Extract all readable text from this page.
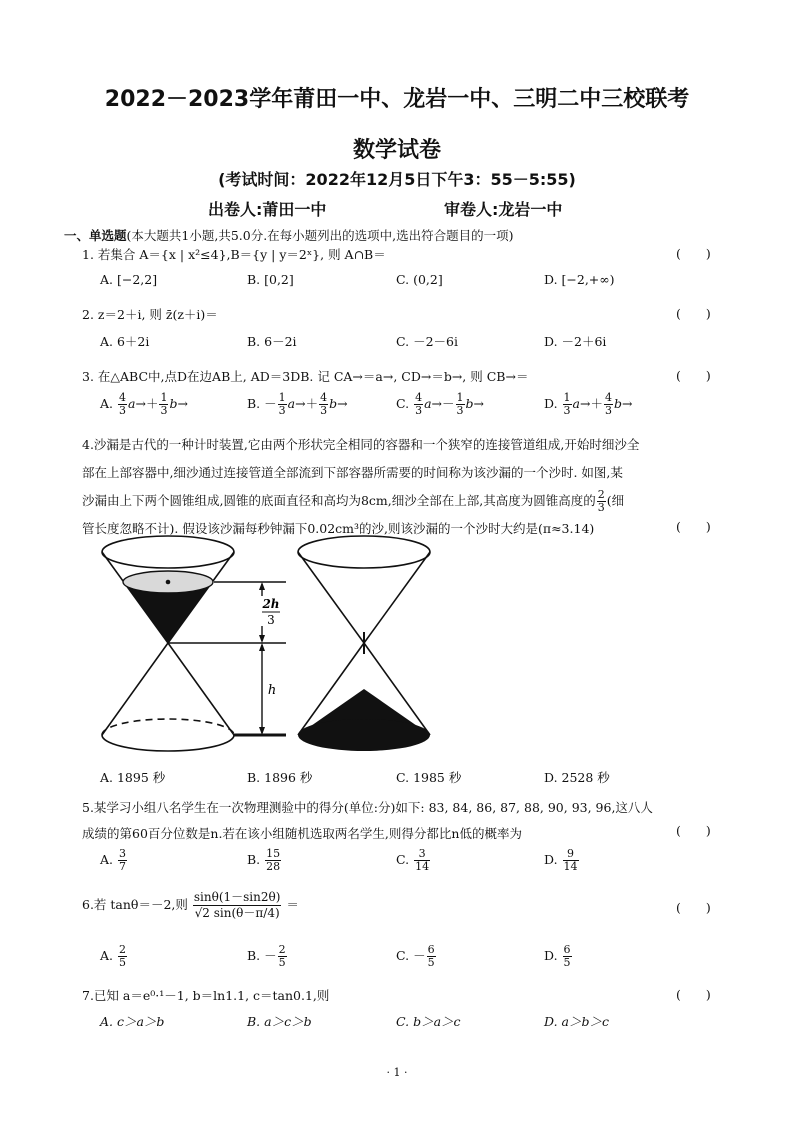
2022－2023学年莆田一中、龙岩一中、三明二中三校联考
数学试卷
(考试时间：2022年12月5日下午3：55－5:55)
出卷人:莆田一中	审卷人:龙岩一中
一、单选题(本大题共1小题,共5.0分.在每小题列出的选项中,选出符合题目的一项)
1. 若集合 A＝{x | x²≤4},B＝{y | y＝2ˣ}, 则 A∩B＝	(　　)
A. [−2,2]	B. [0,2]	C. (0,2]	D. [−2,+∞)
2. z＝2＋i, 则 z̄(z＋i)＝	(　　)
A. 6＋2i	B. 6－2i	C. －2－6i	D. －2＋6i
3. 在△ABC中,点D在边AB上, AD＝3DB. 记 CA→＝a→, CD→＝b→, 则 CB→＝	(　　)
A. $\frac{4}{3} a\to+ \frac{1}{3} b\to$	B. － $\frac{1}{3} a\to+ \frac{4}{3} b\to$	C. $\frac{4}{3} a\to- \frac{1}{3} b\to$	D. $\frac{1}{3} a\to+ \frac{4}{3} b\to$
4.沙漏是古代的一种计时装置,它由两个形状完全相同的容器和一个狭窄的连接管道组成,开始时细沙全
部在上部容器中,细沙通过连接管道全部流到下部容器所需要的时间称为该沙漏的一个沙时. 如图,某
沙漏由上下两个圆锥组成,圆锥的底面直径和高均为8cm,细沙全部在上部,其高度为圆锥高度的 $\frac{2}{3}$ (细
管长度忽略不计). 假设该沙漏每秒钟漏下0.02cm³的沙,则该沙漏的一个沙时大约是(π≈3.14)	(　　)
2h
3
h
A. 1895 秒	B. 1896 秒	C. 1985 秒	D. 2528 秒
5.某学习小组八名学生在一次物理测验中的得分(单位:分)如下: 83, 84, 86, 87, 88, 90, 93, 96,这八人
成绩的第60百分位数是n.若在该小组随机选取两名学生,则得分都比n低的概率为	(　　)
A. $\frac{3}{7}$	B. $\frac{15}{28}$	C. $\frac{3}{14}$	D. $\frac{9}{14}$
6.若 tanθ＝－2,则 $\frac{\sin\theta(1-\sin 2\theta)}{√2 \sin(\theta-\pi/4)}$ ＝	(　　)
A. $\frac{2}{5}$	B. － $\frac{2}{5}$	C. － $\frac{6}{5}$	D. $\frac{6}{5}$
7.已知 a＝e⁰·¹－1, b＝ln1.1, c＝tan0.1,则	(　　)
A. c＞a＞b	B. a＞c＞b	C. b＞a＞c	D. a＞b＞c
· 1 ·
